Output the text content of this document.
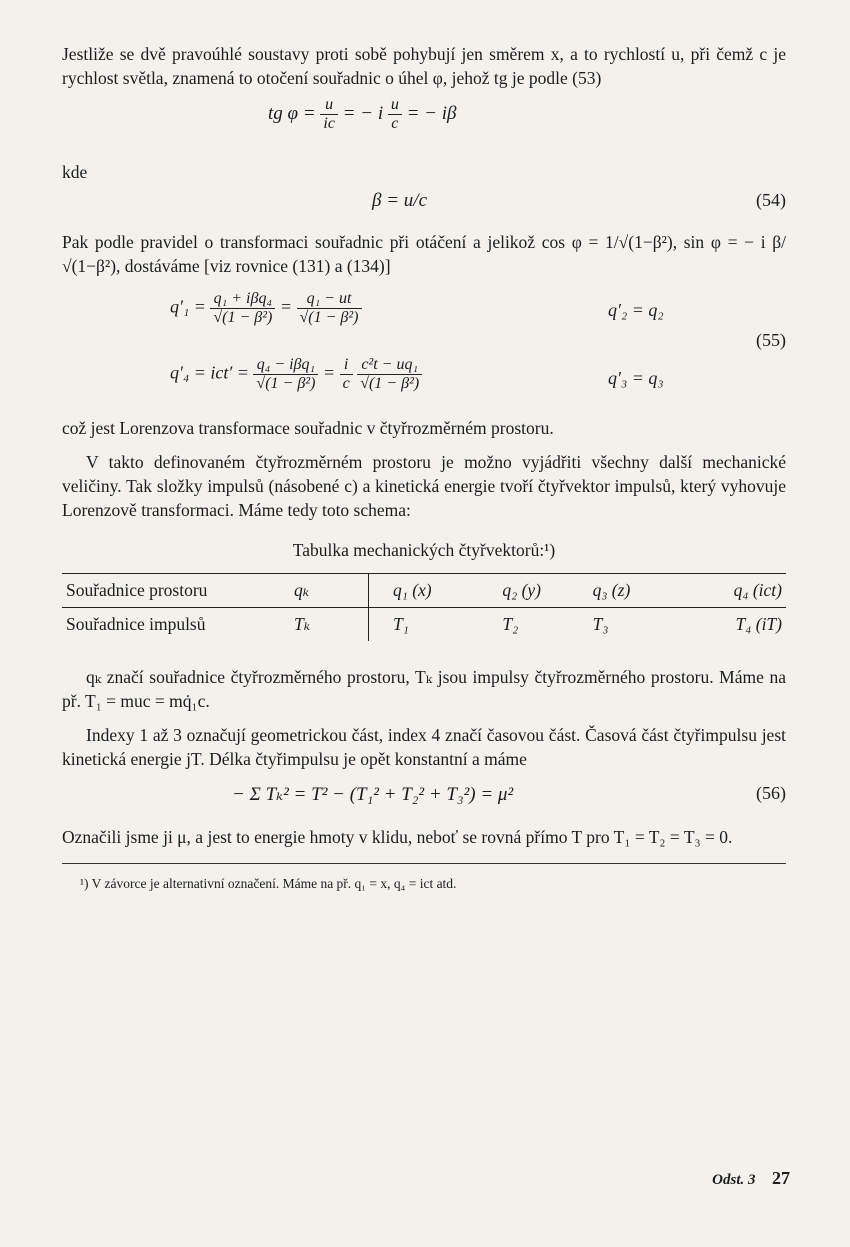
Jestliže se dvě pravoúhlé soustavy proti sobě pohybují jen směrem x, a to rychlostí u, při čemž c je rychlost světla, znamená to otočení souřadnic o úhel φ, jehož tg je podle (53)

tg $\varphi = \frac{u}{ic}$ = − i $\frac{u}{c}$ = − iβ

kde

β = u/c	(54)

Pak podle pravidel o transformaci souřadnic při otáčení a jelikož cos φ = 1/√(1−β²), sin φ = − i β/√(1−β²), dostáváme [viz rovnice (131) a (134)]

$q'_1 = \frac{\text{q₁ + iβq₄}}{\text{√(1 − β²)}} = \frac{\text{q₁ − ut}}{\text{√(1 − β²)}}$	q′₂ = q₂
(55)
$q'_4 = ict' = \frac{\text{q₄ − iβq₁}}{\text{√(1 − β²)}} = \frac{i}{c}$
$\frac{\text{c²t − uq₁}}{\text{√(1 − β²)}}$	q′₃ = q₃

což jest Lorenzova transformace souřadnic v čtyřrozměrném prostoru.

V takto definovaném čtyřrozměrném prostoru je možno vyjádřiti všechny další mechanické veličiny. Tak složky impulsů (násobené c) a kinetická energie tvoří čtyřvektor impulsů, který vyhovuje Lorenzově transformaci. Máme tedy toto schema:

Tabulka mechanických čtyřvektorů:¹)
Souřadnice prostoru	qₖ	q₁ (x)	q₂ (y)	q₃ (z)	q₄ (ict)
Souřadnice impulsů	Tₖ	T₁	T₂	T₃	T₄ (iT)

qₖ značí souřadnice čtyřrozměrného prostoru, Tₖ jsou impulsy čtyřrozměrného prostoru. Máme na př. T₁ = muc = mq̇₁c.

Indexy 1 až 3 označují geometrickou část, index 4 značí časovou část. Časová část čtyřimpulsu jest kinetická energie jT. Délka čtyřimpulsu je opět konstantní a máme

− Σ Tₖ² = T² − (T₁² + T₂² + T₃²) = μ²	(56)

Označili jsme ji μ, a jest to energie hmoty v klidu, neboť se rovná přímo T pro T₁ = T₂ = T₃ = 0.

¹) V závorce je alternativní označení. Máme na př. q₁ = x, q₄ = ict atd.

Odst. 3 27
